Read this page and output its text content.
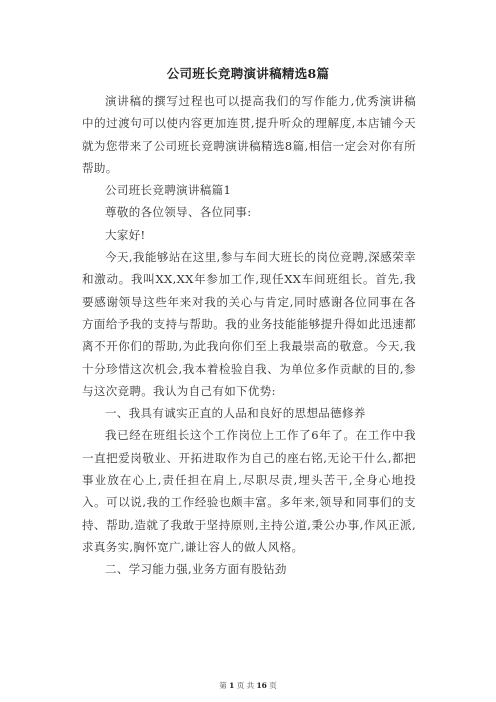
公司班长竞聘演讲稿精选8篇

演讲稿的撰写过程也可以提高我们的写作能力,优秀演讲稿中的过渡句可以使内容更加连贯,提升听众的理解度,本店铺今天就为您带来了公司班长竞聘演讲稿精选8篇,相信一定会对你有所帮助。

公司班长竞聘演讲稿篇1

尊敬的各位领导、各位同事:

大家好!

今天,我能够站在这里,参与车间大班长的岗位竞聘,深感荣幸和激动。我叫XX,XX年参加工作,现任XX车间班组长。首先,我要感谢领导这些年来对我的关心与肯定,同时感谢各位同事在各方面给予我的支持与帮助。我的业务技能能够提升得如此迅速都离不开你们的帮助,为此我向你们至上我最崇高的敬意。今天,我十分珍惜这次机会,我本着检验自我、为单位多作贡献的目的,参与这次竞聘。我认为自己有如下优势:

一、我具有诚实正直的人品和良好的思想品德修养

我已经在班组长这个工作岗位上工作了6年了。在工作中我一直把爱岗敬业、开拓进取作为自己的座右铭,无论干什么,都把事业放在心上,责任担在肩上,尽职尽责,埋头苦干,全身心地投入。可以说,我的工作经验也颇丰富。多年来,领导和同事们的支持、帮助,造就了我敢于坚持原则,主持公道,秉公办事,作风正派,求真务实,胸怀宽广,谦让容人的做人风格。

二、学习能力强,业务方面有股钻劲

第 1 页 共 16 页
